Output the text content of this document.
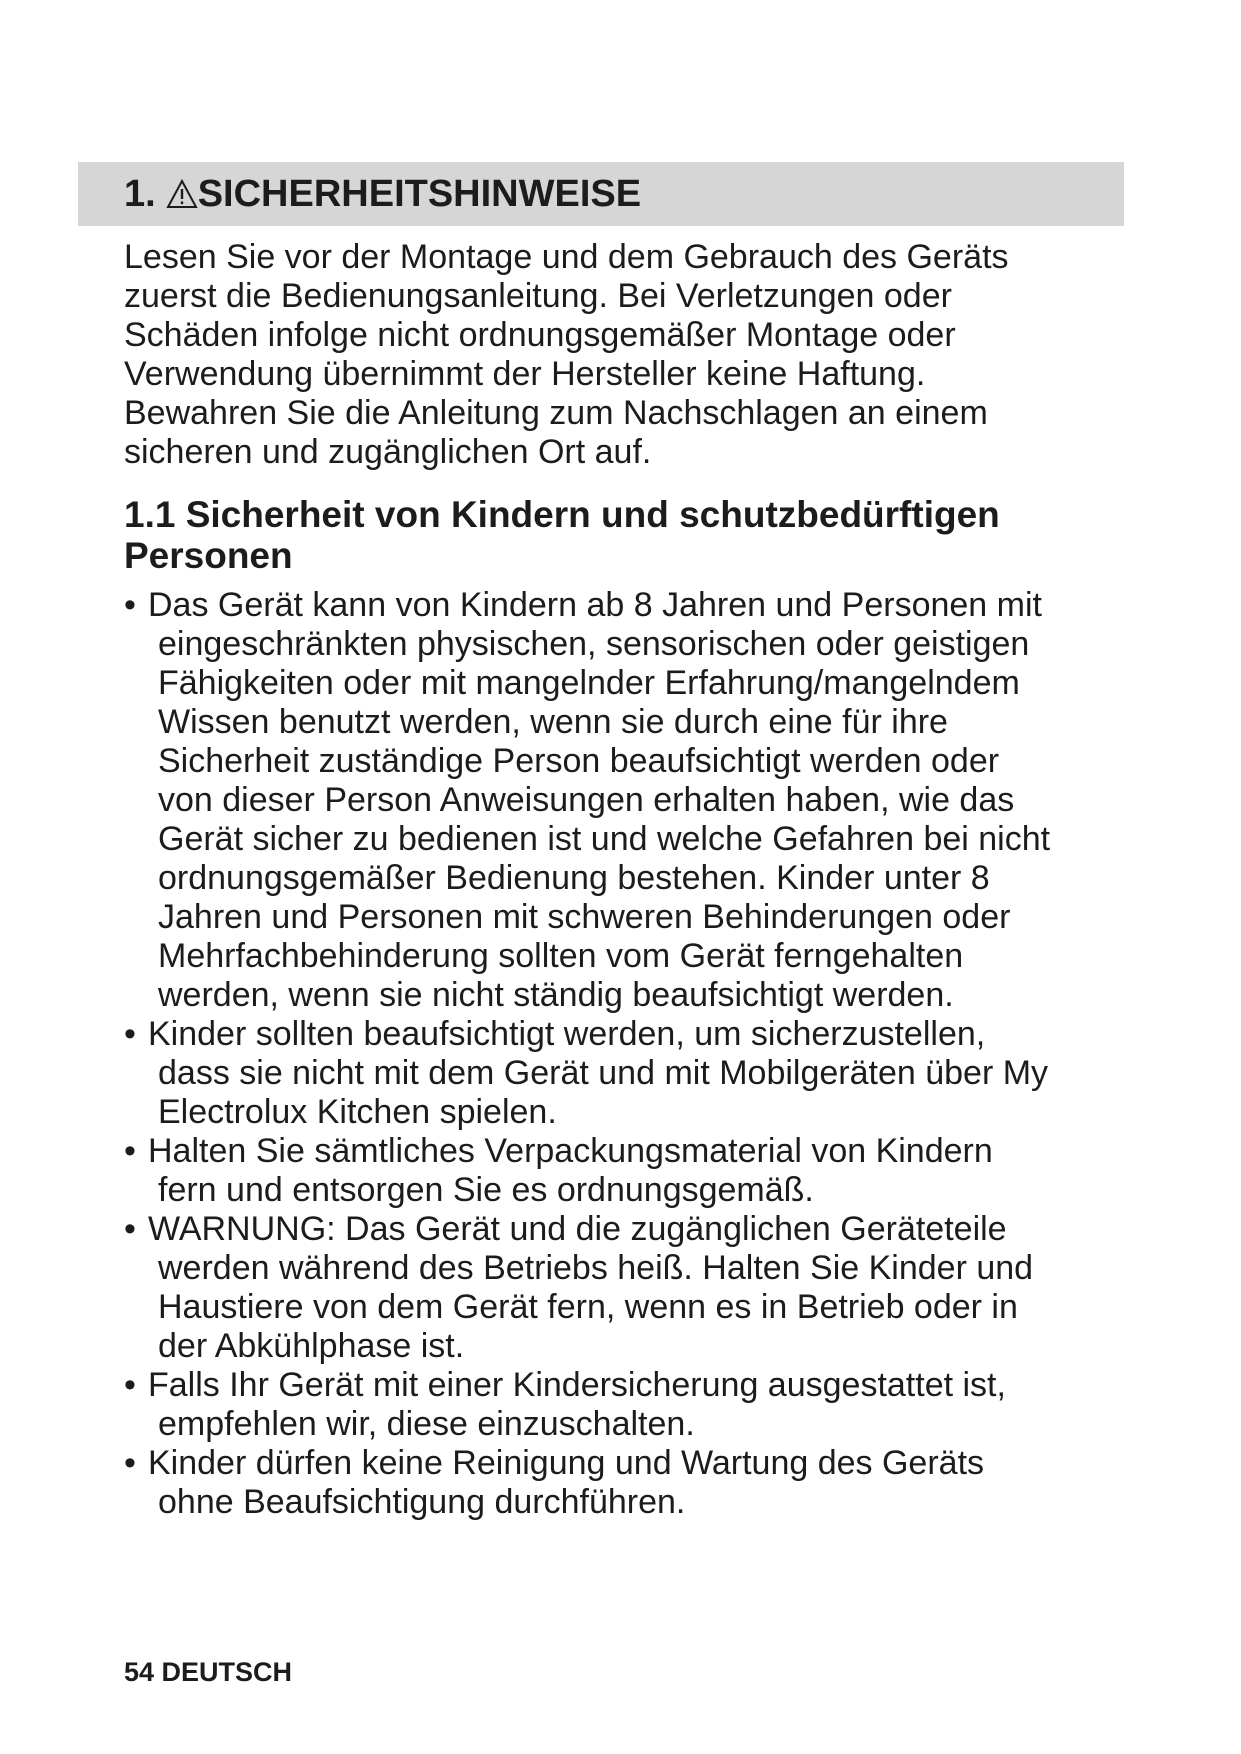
1. SICHERHEITSHINWEISE

Lesen Sie vor der Montage und dem Gebrauch des Geräts
zuerst die Bedienungsanleitung. Bei Verletzungen oder
Schäden infolge nicht ordnungsgemäßer Montage oder
Verwendung übernimmt der Hersteller keine Haftung.
Bewahren Sie die Anleitung zum Nachschlagen an einem
sicheren und zugänglichen Ort auf.

1.1 Sicherheit von Kindern und schutzbedürftigen
Personen
• Das Gerät kann von Kindern ab 8 Jahren und Personen mit
eingeschränkten physischen, sensorischen oder geistigen
Fähigkeiten oder mit mangelnder Erfahrung/mangelndem
Wissen benutzt werden, wenn sie durch eine für ihre
Sicherheit zuständige Person beaufsichtigt werden oder
von dieser Person Anweisungen erhalten haben, wie das
Gerät sicher zu bedienen ist und welche Gefahren bei nicht
ordnungsgemäßer Bedienung bestehen. Kinder unter 8
Jahren und Personen mit schweren Behinderungen oder
Mehrfachbehinderung sollten vom Gerät ferngehalten
werden, wenn sie nicht ständig beaufsichtigt werden.
• Kinder sollten beaufsichtigt werden, um sicherzustellen,
dass sie nicht mit dem Gerät und mit Mobilgeräten über My
Electrolux Kitchen spielen.
• Halten Sie sämtliches Verpackungsmaterial von Kindern
fern und entsorgen Sie es ordnungsgemäß.
• WARNUNG: Das Gerät und die zugänglichen Geräteteile
werden während des Betriebs heiß. Halten Sie Kinder und
Haustiere von dem Gerät fern, wenn es in Betrieb oder in
der Abkühlphase ist.
• Falls Ihr Gerät mit einer Kindersicherung ausgestattet ist,
empfehlen wir, diese einzuschalten.
• Kinder dürfen keine Reinigung und Wartung des Geräts
ohne Beaufsichtigung durchführen.
54 DEUTSCH
